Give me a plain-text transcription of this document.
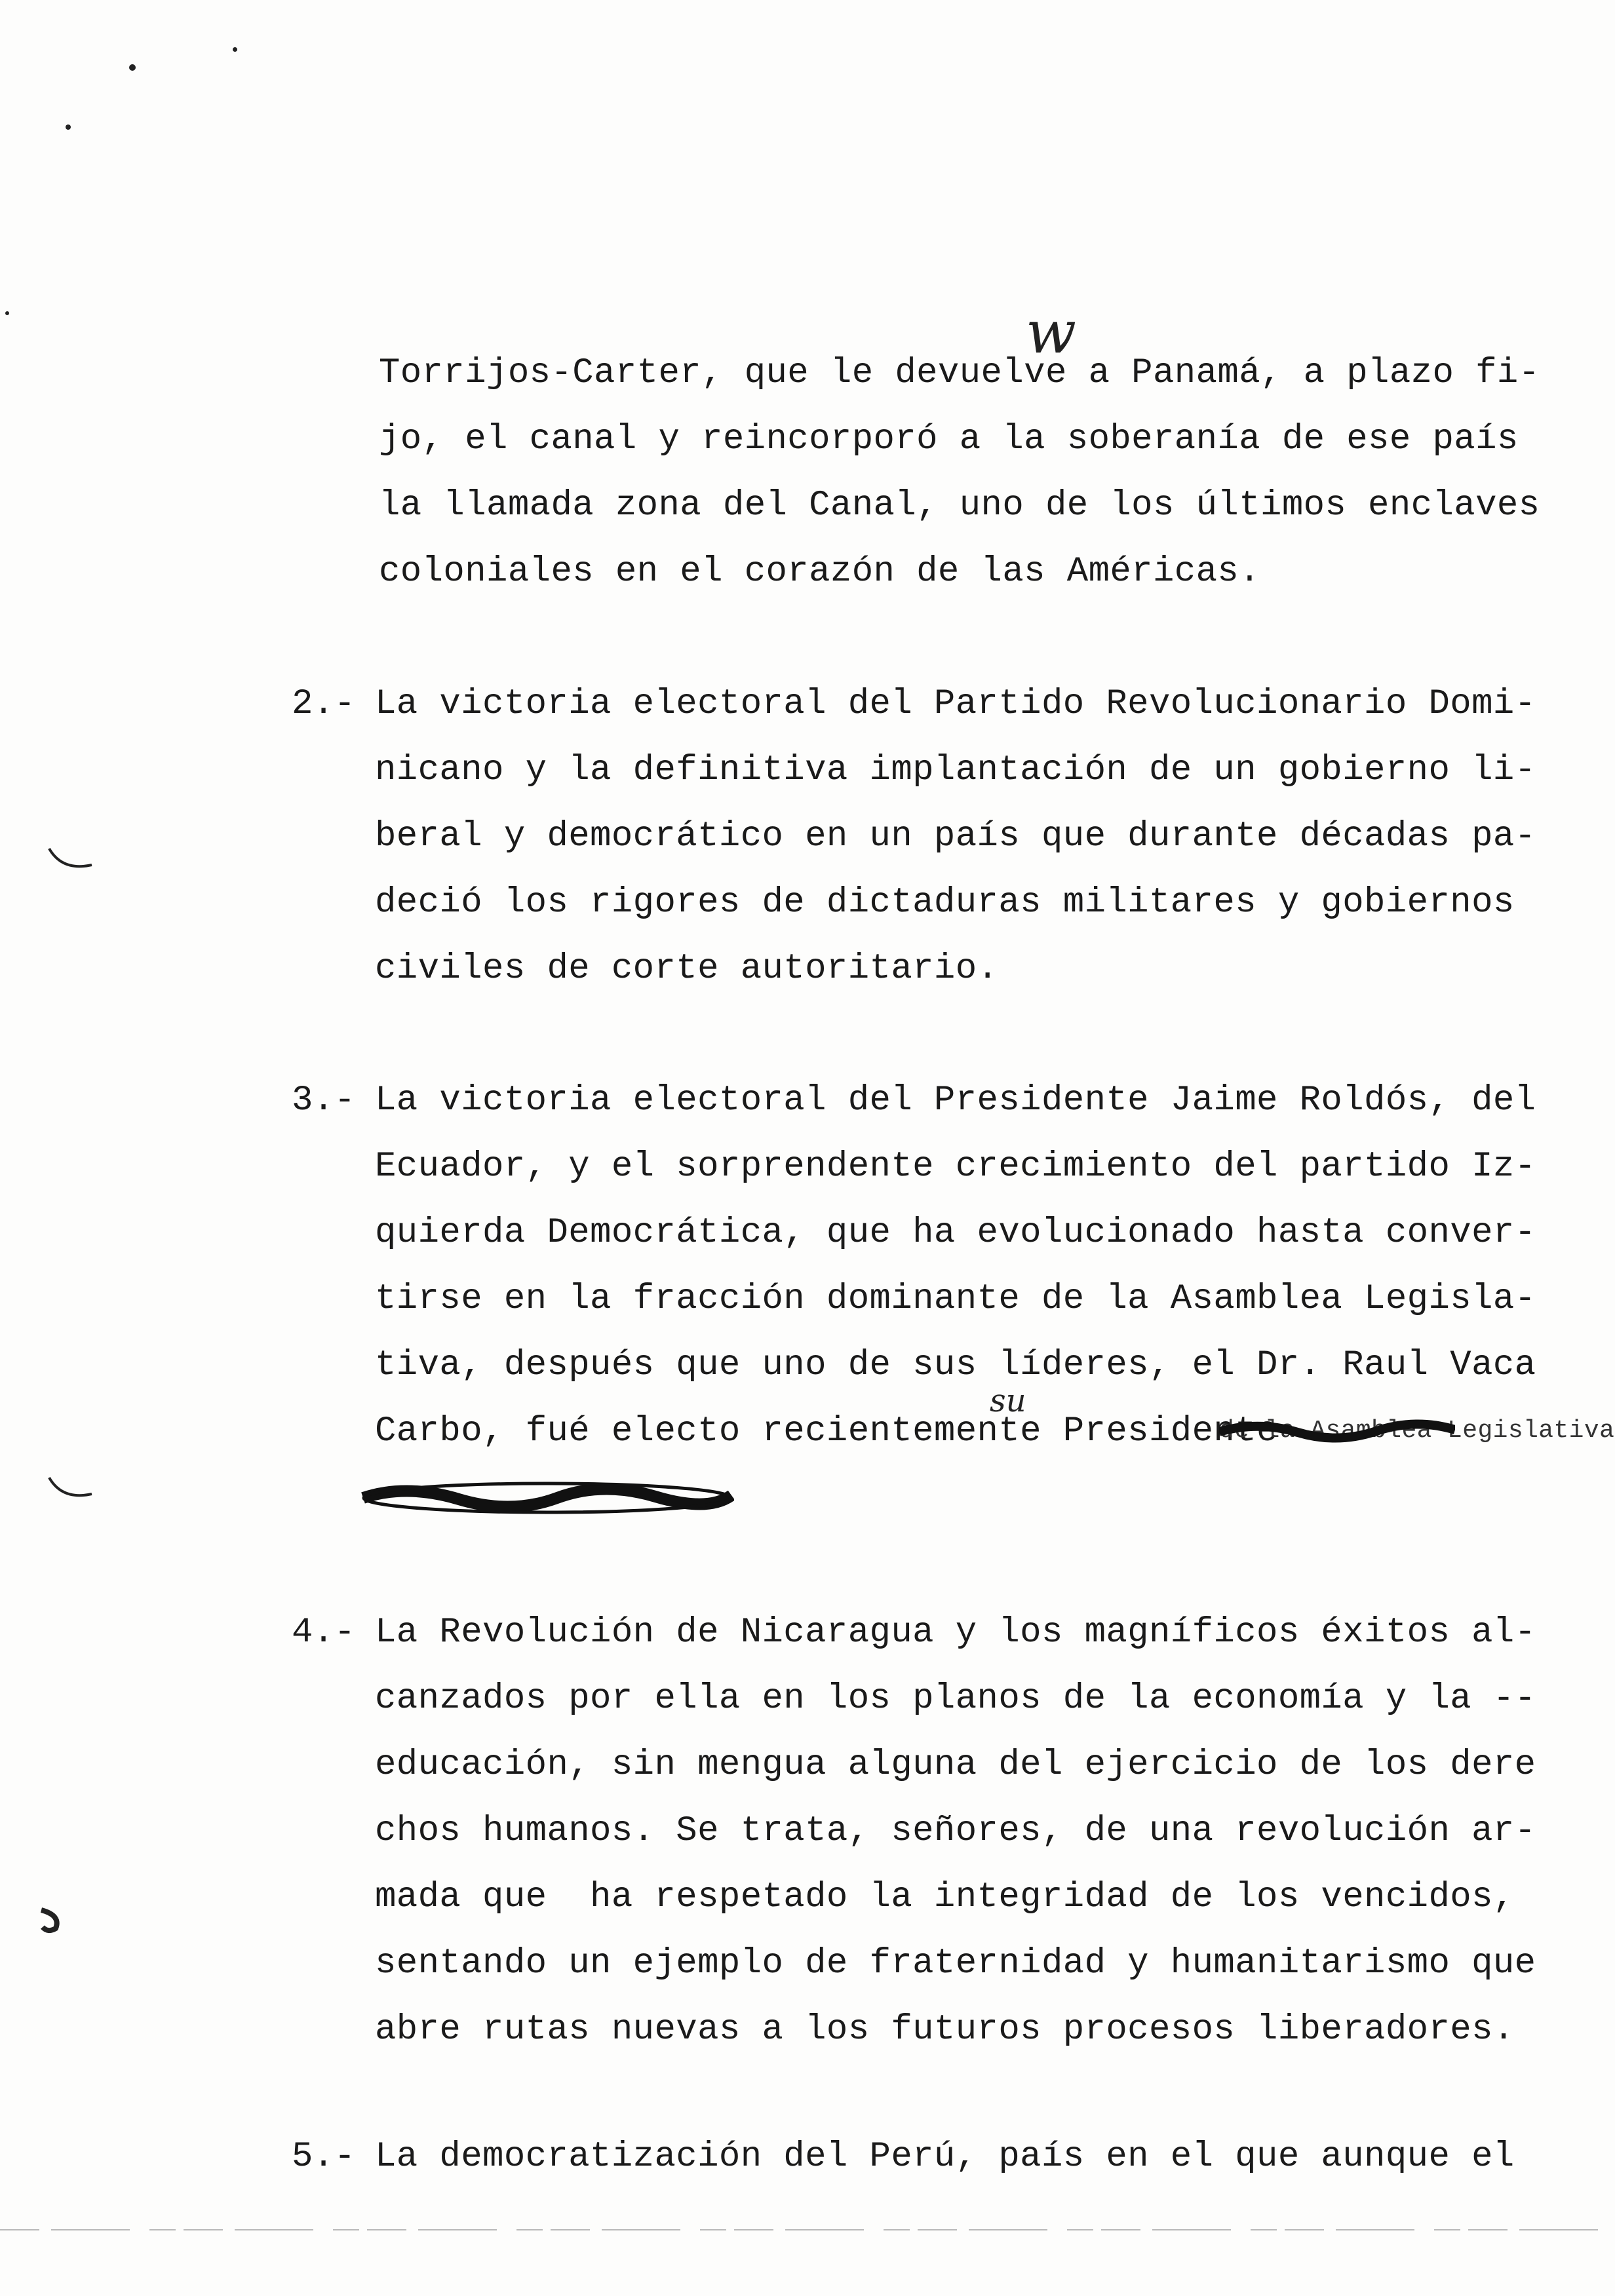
Torrijos-Carter, que le devuelve a Panamá, a plazo fi-
jo, el canal y reincorporó a la soberanía de ese país
la llamada zona del Canal, uno de los últimos enclaves
coloniales en el corazón de las Américas.
w
2.- La victoria electoral del Partido Revolucionario Domi-
nicano y la definitiva implantación de un gobierno li-
beral y democrático en un país que durante décadas pa-
deció los rigores de dictaduras militares y gobiernos
civiles de corte autoritario.
3.- La victoria electoral del Presidente Jaime Roldós, del
Ecuador, y el sorprendente crecimiento del partido Iz-
quierda Democrática, que ha evolucionado hasta conver-
tirse en la fracción dominante de la Asamblea Legisla-
tiva, después que uno de sus líderes, el Dr. Raul Vaca
Carbo, fué electo recientemente Presidente
su
de la Asamblea Legislativa
4.- La Revolución de Nicaragua y los magníficos éxitos al-
canzados por ella en los planos de la economía y la --
educación, sin mengua alguna del ejercicio de los dere
chos humanos. Se trata, señores, de una revolución ar-
mada que  ha respetado la integridad de los vencidos,
sentando un ejemplo de fraternidad y humanitarismo que
abre rutas nuevas a los futuros procesos liberadores.
5.- La democratización del Perú, país en el que aunque el
